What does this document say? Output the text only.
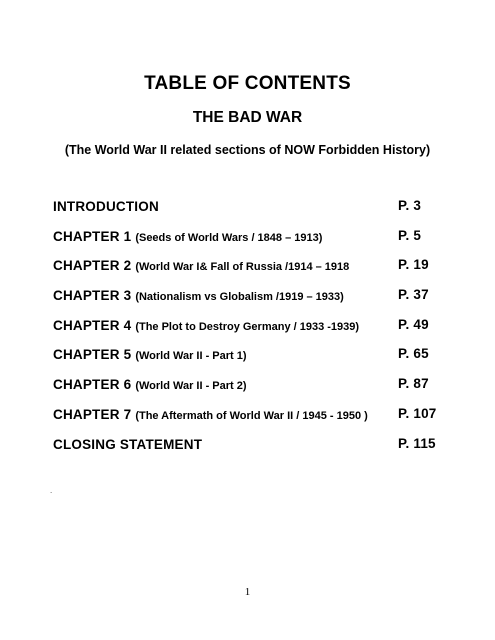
TABLE OF CONTENTS
THE BAD WAR
(The World War II related sections of NOW Forbidden History)
INTRODUCTION	P. 3
CHAPTER 1 (Seeds of World Wars / 1848 – 1913)	P. 5
CHAPTER 2 (World War I& Fall of Russia /1914 – 1918	P. 19
CHAPTER 3 (Nationalism vs Globalism /1919 – 1933)	P. 37
CHAPTER 4 (The Plot to Destroy Germany / 1933 -1939)	P. 49
CHAPTER 5 (World War II - Part 1)	P. 65
CHAPTER 6 (World War II - Part 2)	P. 87
CHAPTER 7 (The Aftermath of World War II / 1945 - 1950 ) P. 107
CLOSING STATEMENT	P. 115
.
1
